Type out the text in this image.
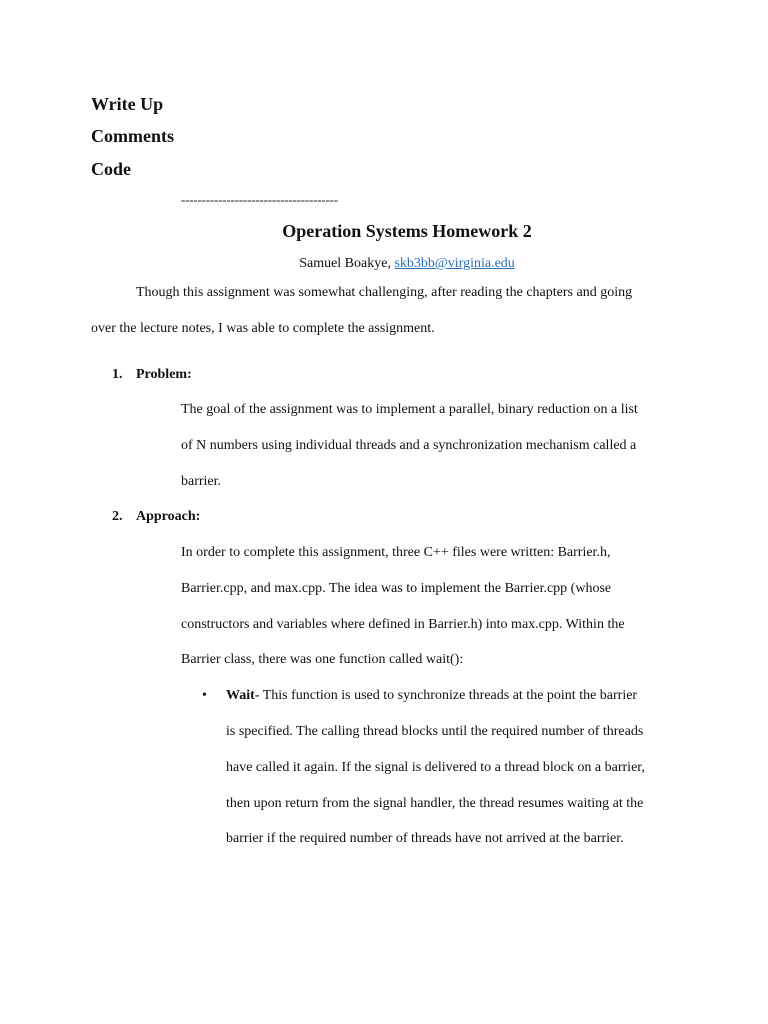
Write Up
Comments
Code
--------------------------------------
Operation Systems Homework 2
Samuel Boakye, skb3bb@virginia.edu
Though this assignment was somewhat challenging, after reading the chapters and going
over the lecture notes, I was able to complete the assignment.
1. Problem:
The goal of the assignment was to implement a parallel, binary reduction on a list
of N numbers using individual threads and a synchronization mechanism called a
barrier.
2. Approach:
In order to complete this assignment, three C++ files were written: Barrier.h,
Barrier.cpp, and max.cpp. The idea was to implement the Barrier.cpp (whose
constructors and variables where defined in Barrier.h) into max.cpp. Within the
Barrier class, there was one function called wait():
• Wait- This function is used to synchronize threads at the point the barrier
is specified. The calling thread blocks until the required number of threads
have called it again. If the signal is delivered to a thread block on a barrier,
then upon return from the signal handler, the thread resumes waiting at the
barrier if the required number of threads have not arrived at the barrier.
